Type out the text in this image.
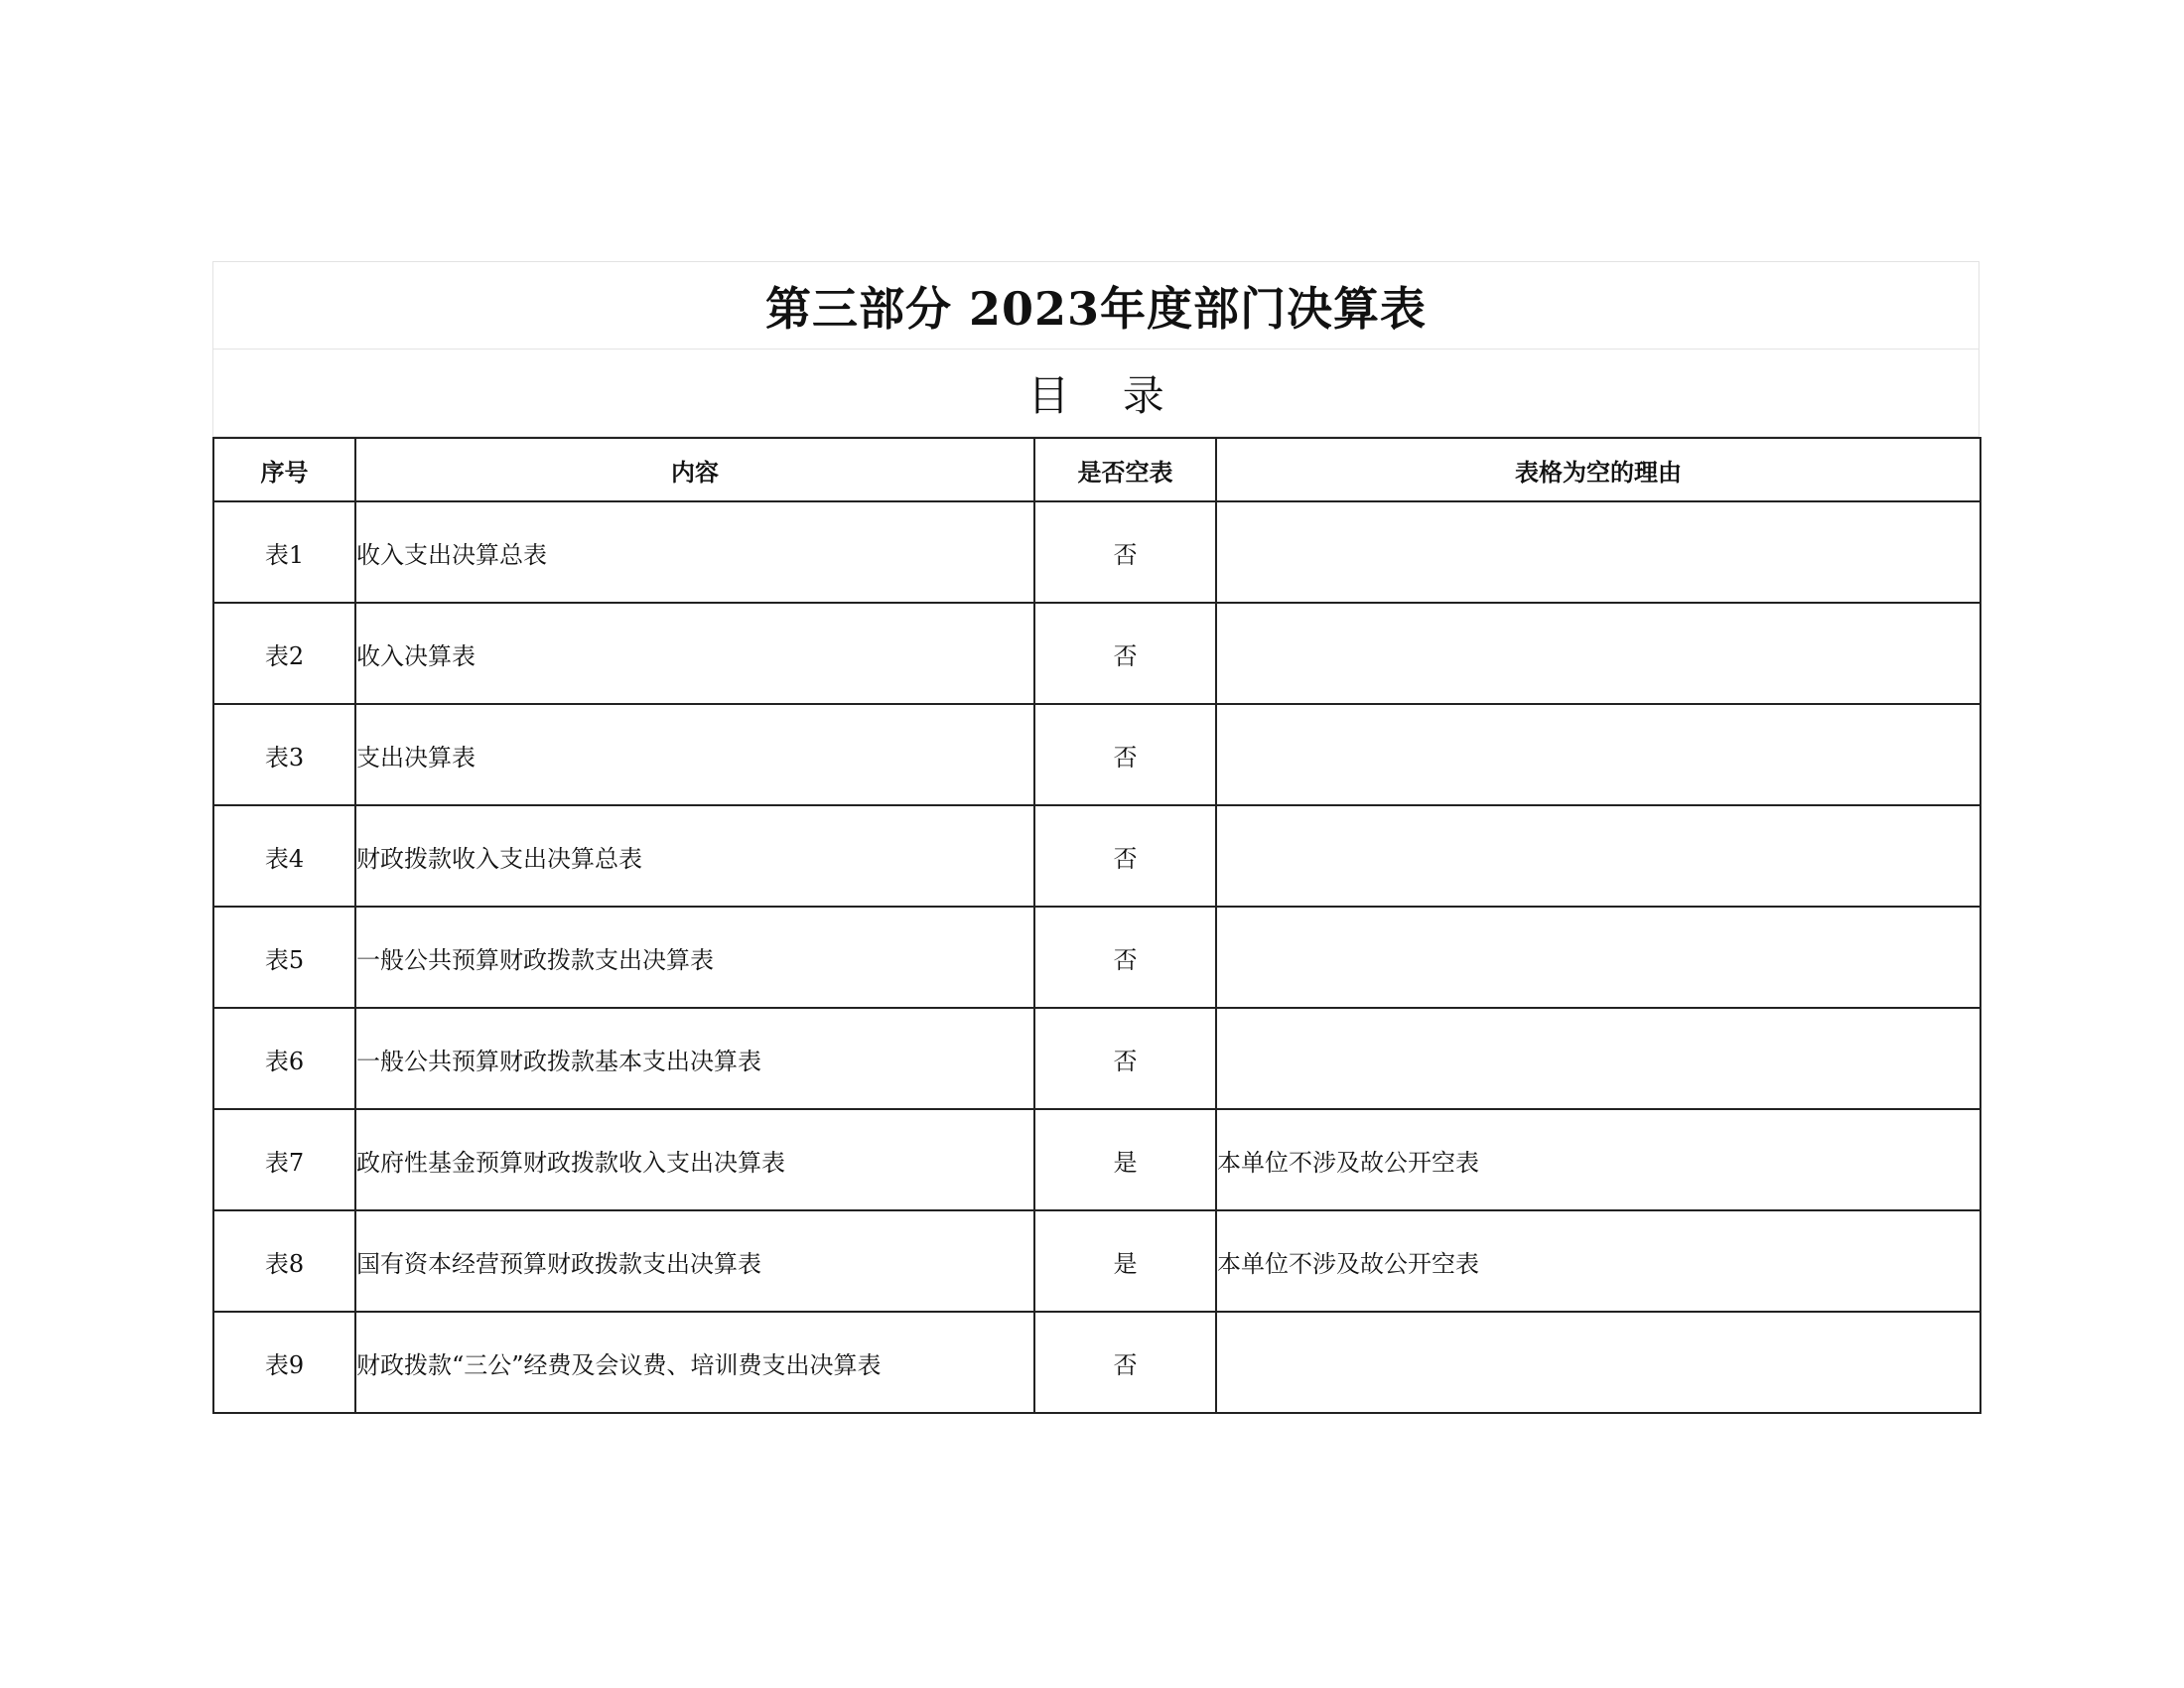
第三部分 2023年度部门决算表
目    录
序号	内容	是否空表	表格为空的理由
表1	收入支出决算总表	否	
表2	收入决算表	否	
表3	支出决算表	否	
表4	财政拨款收入支出决算总表	否	
表5	一般公共预算财政拨款支出决算表	否	
表6	一般公共预算财政拨款基本支出决算表	否	
表7	政府性基金预算财政拨款收入支出决算表	是	本单位不涉及故公开空表
表8	国有资本经营预算财政拨款支出决算表	是	本单位不涉及故公开空表
表9	财政拨款“三公”经费及会议费、培训费支出决算表	否	
